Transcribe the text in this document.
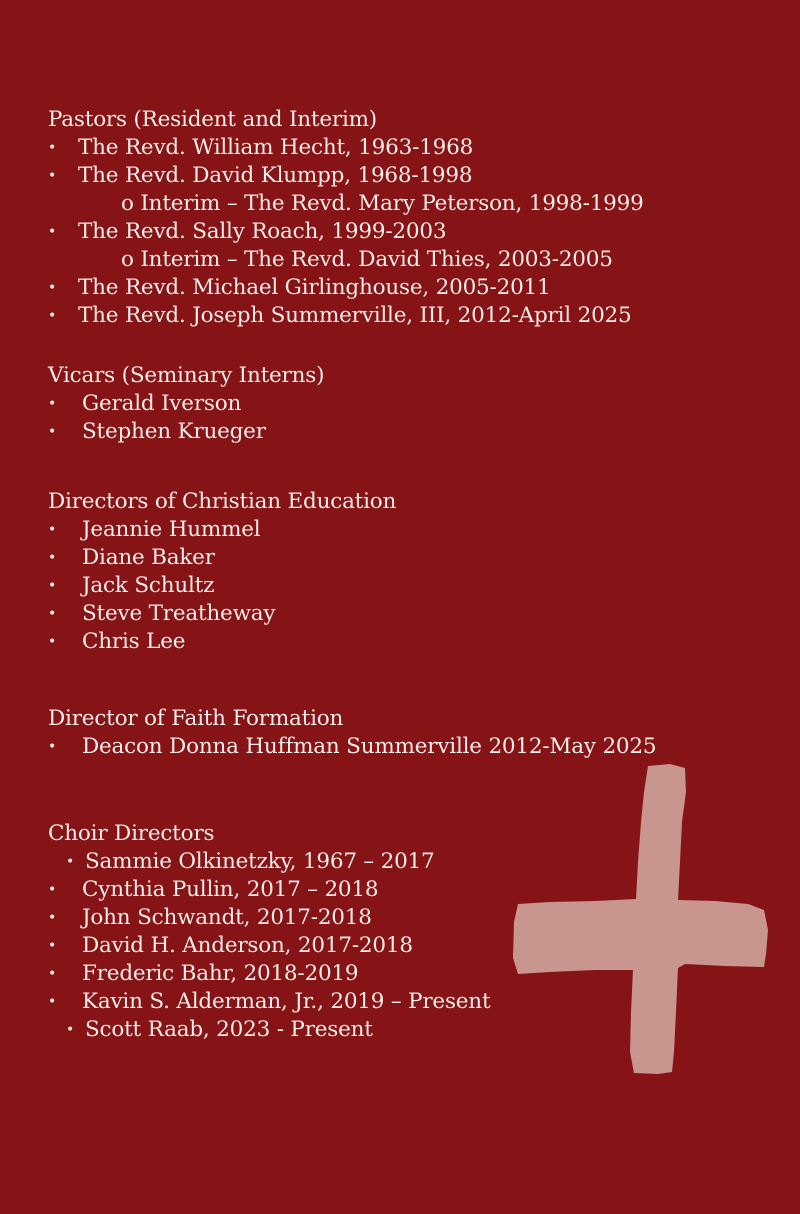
Pastors (Resident and Interim)
•	The Revd. William Hecht, 1963-1968
•	The Revd. David Klumpp, 1968-1998
o Interim – The Revd. Mary Peterson, 1998-1999
•	The Revd. Sally Roach, 1999-2003
o Interim – The Revd. David Thies, 2003-2005
•	The Revd. Michael Girlinghouse, 2005-2011
•	The Revd. Joseph Summerville, III, 2012-April 2025
Vicars (Seminary Interns)
•	Gerald Iverson
•	Stephen Krueger
Directors of Christian Education
•	Jeannie Hummel
•	Diane Baker
•	Jack Schultz
•	Steve Treatheway
•	Chris Lee
Director of Faith Formation
•	Deacon Donna Huffman Summerville 2012-May 2025
Choir Directors
• Sammie Olkinetzky, 1967 – 2017
•	Cynthia Pullin, 2017 – 2018
•	John Schwandt, 2017-2018
•	David H. Anderson, 2017-2018
•	Frederic Bahr, 2018-2019
•	Kavin S. Alderman, Jr., 2019 – Present
• Scott Raab, 2023 - Present
